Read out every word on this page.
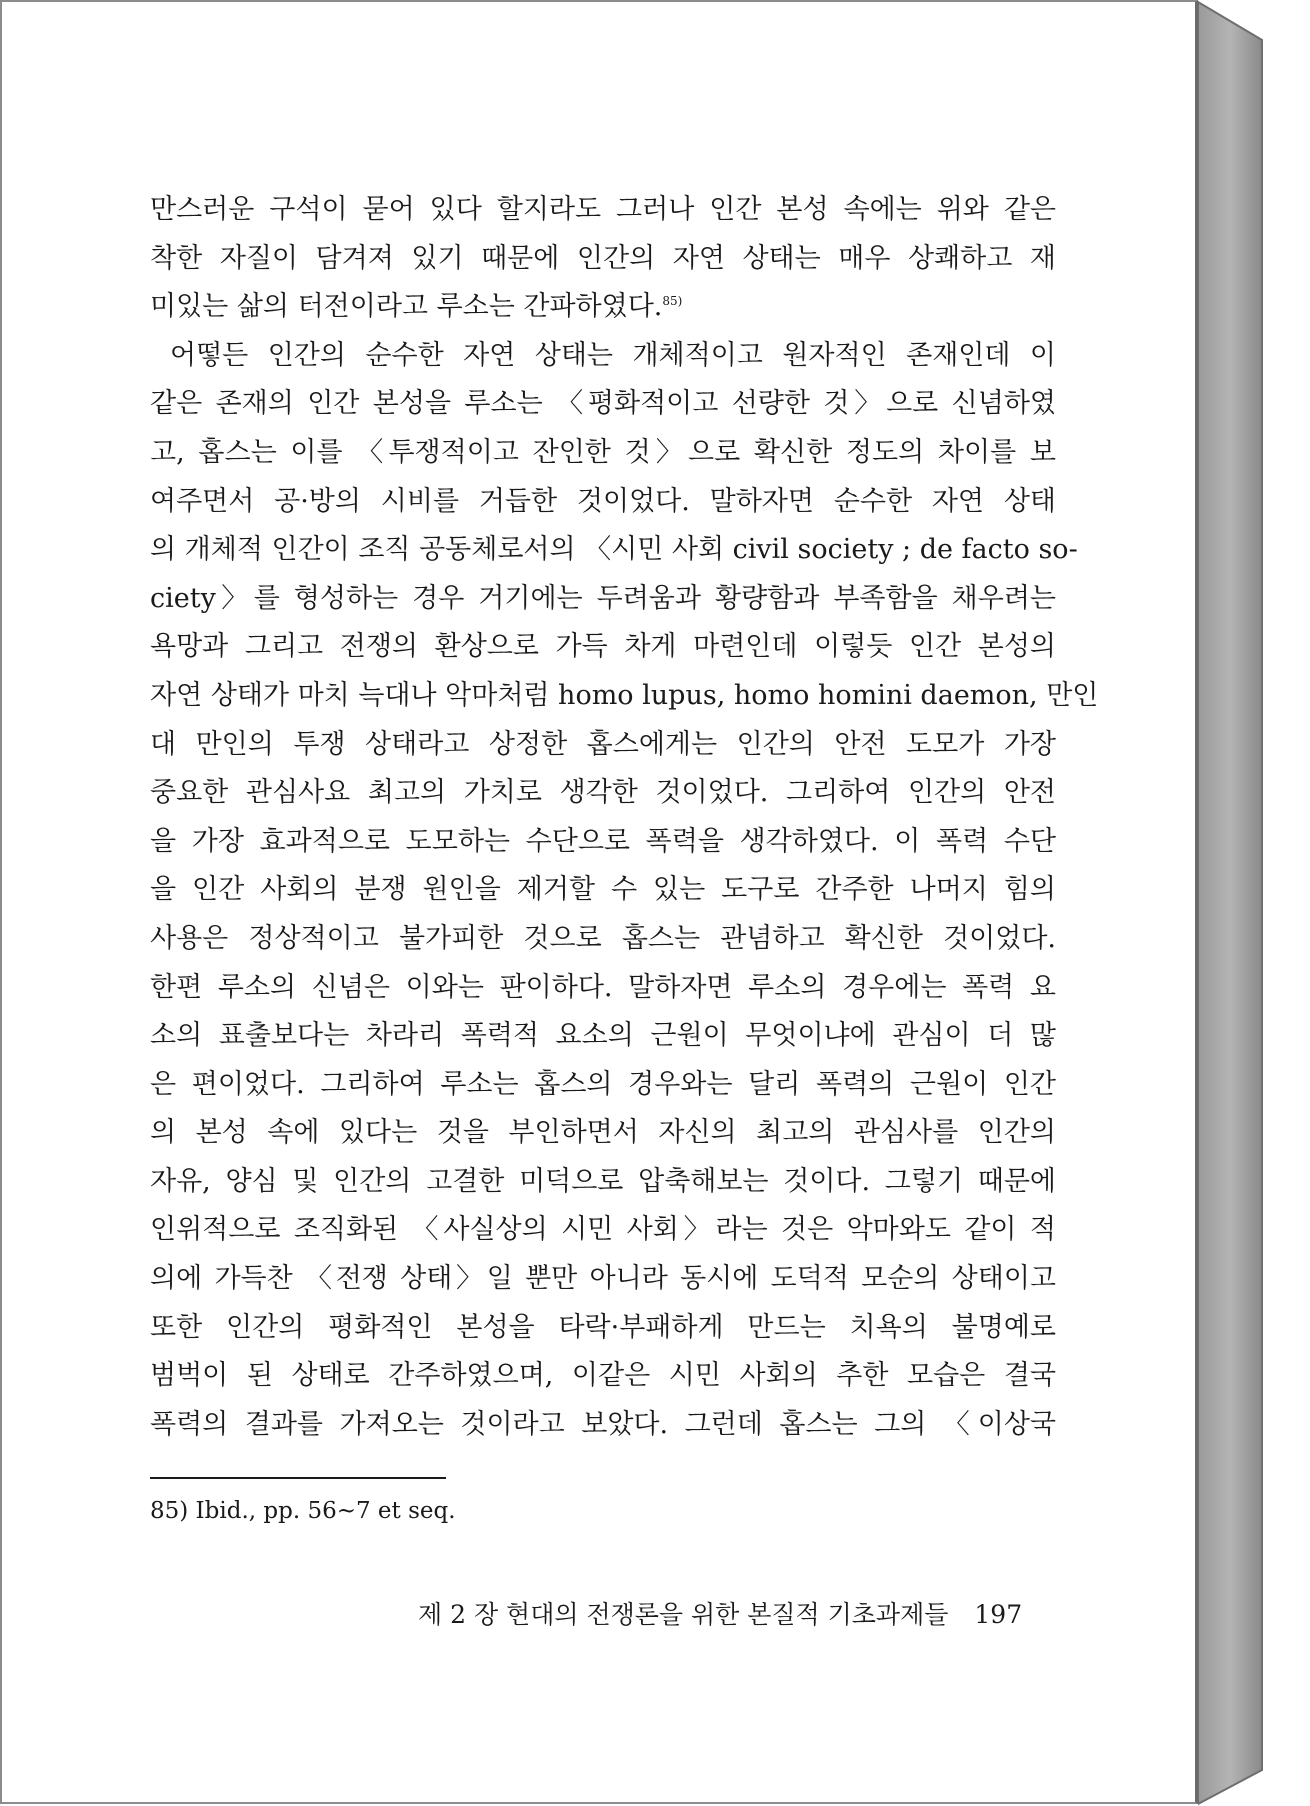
만스러운 구석이 묻어 있다 할지라도 그러나 인간 본성 속에는 위와 같은
착한 자질이 담겨져 있기 때문에 인간의 자연 상태는 매우 상쾌하고 재
미있는 삶의 터전이라고 루소는 간파하였다.$^{85)}$
어떻든 인간의 순수한 자연 상태는 개체적이고 원자적인 존재인데 이
같은 존재의 인간 본성을 루소는 〈평화적이고 선량한 것〉으로 신념하였
고, 홉스는 이를 〈투쟁적이고 잔인한 것〉으로 확신한 정도의 차이를 보
여주면서 공·방의 시비를 거듭한 것이었다. 말하자면 순수한 자연 상태
의 개체적 인간이 조직 공동체로서의 〈시민 사회 civil society ; de facto so-
ciety〉를 형성하는 경우 거기에는 두려움과 황량함과 부족함을 채우려는
욕망과 그리고 전쟁의 환상으로 가득 차게 마련인데 이렇듯 인간 본성의
자연 상태가 마치 늑대나 악마처럼 homo lupus, homo homini daemon, 만인
대 만인의 투쟁 상태라고 상정한 홉스에게는 인간의 안전 도모가 가장
중요한 관심사요 최고의 가치로 생각한 것이었다. 그리하여 인간의 안전
을 가장 효과적으로 도모하는 수단으로 폭력을 생각하였다. 이 폭력 수단
을 인간 사회의 분쟁 원인을 제거할 수 있는 도구로 간주한 나머지 힘의
사용은 정상적이고 불가피한 것으로 홉스는 관념하고 확신한 것이었다.
한편 루소의 신념은 이와는 판이하다. 말하자면 루소의 경우에는 폭력 요
소의 표출보다는 차라리 폭력적 요소의 근원이 무엇이냐에 관심이 더 많
은 편이었다. 그리하여 루소는 홉스의 경우와는 달리 폭력의 근원이 인간
의 본성 속에 있다는 것을 부인하면서 자신의 최고의 관심사를 인간의
자유, 양심 및 인간의 고결한 미덕으로 압축해보는 것이다. 그렇기 때문에
인위적으로 조직화된 〈사실상의 시민 사회〉라는 것은 악마와도 같이 적
의에 가득찬 〈전쟁 상태〉일 뿐만 아니라 동시에 도덕적 모순의 상태이고
또한 인간의 평화적인 본성을 타락·부패하게 만드는 치욕의 불명예로
범벅이 된 상태로 간주하였으며, 이같은 시민 사회의 추한 모습은 결국
폭력의 결과를 가져오는 것이라고 보았다. 그런데 홉스는 그의 〈이상국
85) Ibid., pp. 56~7 et seq.
제 2 장 현대의 전쟁론을 위한 본질적 기초과제들 197
